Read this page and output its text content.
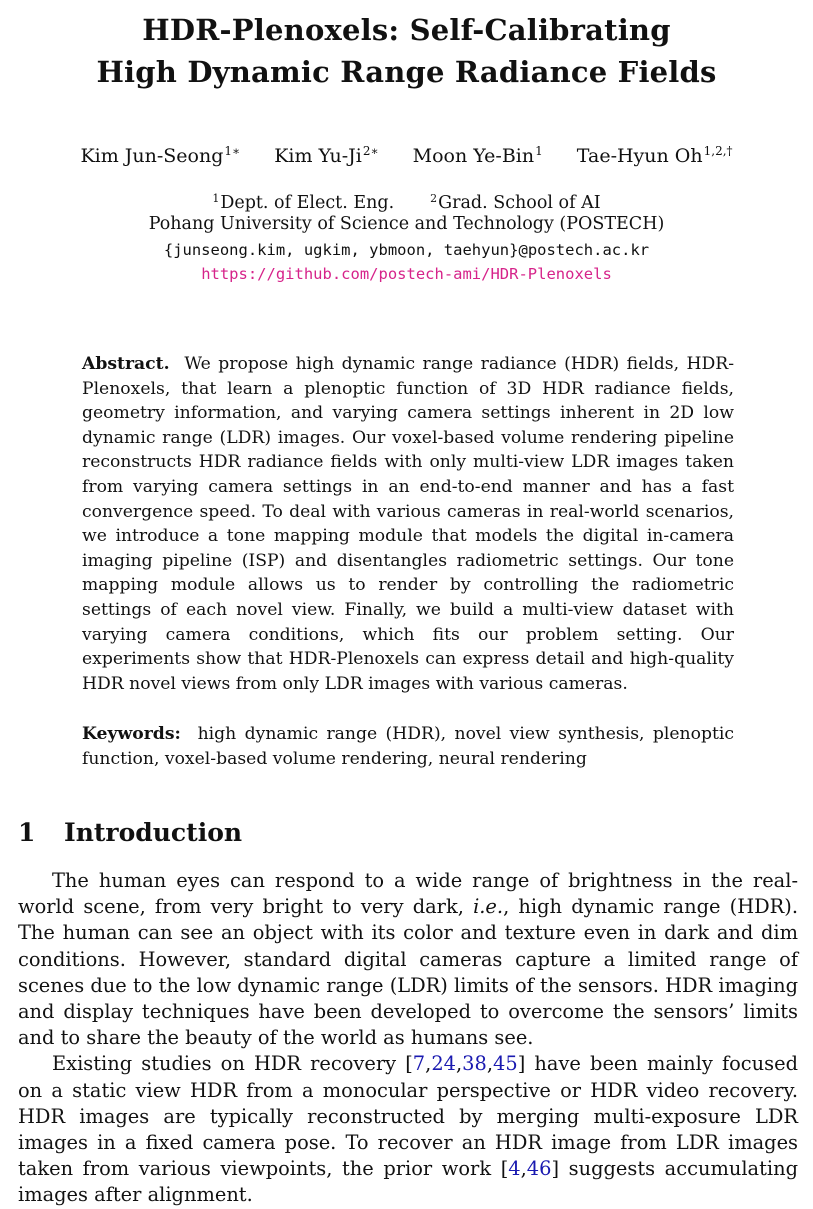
HDR-Plenoxels: Self-Calibrating
High Dynamic Range Radiance Fields
Kim Jun-Seong$^{1∗}$ Kim $Yu-Ji^{2∗}$ Moon Ye-Bin$^1$ Tae-Hyun $Oh^{1,2,\dagger}$
$^1$Dept. of Elect. Eng.	$^2$Grad. School of AI
Pohang University of Science and Technology (POSTECH)
{junseong.kim, ugkim, ybmoon, taehyun}@postech.ac.kr
https://github.com/postech-ami/HDR-Plenoxels
Abstract. We propose high dynamic range radiance (HDR) fields, HDR-Plenoxels, that learn a plenoptic function of 3D HDR radiance fields, geometry information, and varying camera settings inherent in 2D low dynamic range (LDR) images. Our voxel-based volume rendering pipeline reconstructs HDR radiance fields with only multi-view LDR images taken from varying camera settings in an end-to-end manner and has a fast convergence speed. To deal with various cameras in real-world scenarios, we introduce a tone mapping module that models the digital in-camera imaging pipeline (ISP) and disentangles radiometric settings. Our tone mapping module allows us to render by controlling the radiometric settings of each novel view. Finally, we build a multi-view dataset with varying camera conditions, which fits our problem setting. Our experiments show that HDR-Plenoxels can express detail and high-quality HDR novel views from only LDR images with various cameras.
Keywords: high dynamic range (HDR), novel view synthesis, plenoptic function, voxel-based volume rendering, neural rendering
1 Introduction

The human eyes can respond to a wide range of brightness in the real-world scene, from very bright to very dark, i.e., high dynamic range (HDR). The human can see an object with its color and texture even in dark and dim conditions. However, standard digital cameras capture a limited range of scenes due to the low dynamic range (LDR) limits of the sensors. HDR imaging and display techniques have been developed to overcome the sensors’ limits and to share the beauty of the world as humans see.

Existing studies on HDR recovery [7,24,38,45] have been mainly focused on a static view HDR from a monocular perspective or HDR video recovery. HDR images are typically reconstructed by merging multi-exposure LDR images in a fixed camera pose. To recover an HDR image from LDR images taken from various viewpoints, the prior work [4,46] suggests accumulating images after alignment.
